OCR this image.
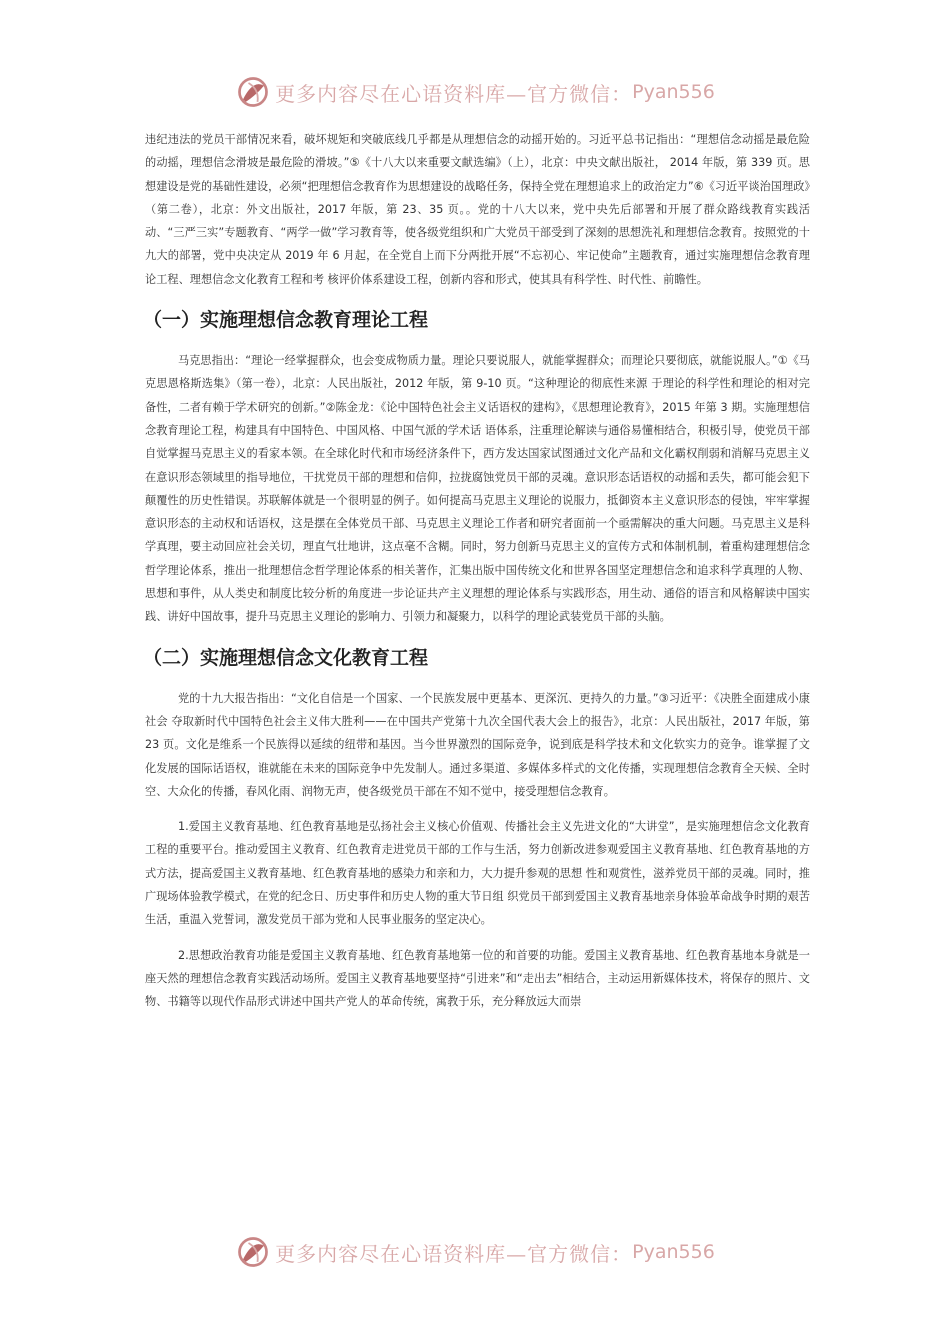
更多内容尽在心语资料库—官方微信： Pyan556

违纪违法的党员干部情况来看，破坏规矩和突破底线几乎都是从理想信念的动摇开始的。习近平总书记指出：“理想信念动摇是最危险的动摇，理想信念滑坡是最危险的滑坡。”⑤《十八大以来重要文献选编》（上），北京：中央文献出版社， 2014 年版，第 339 页。思想建设是党的基础性建设，必须“把理想信念教育作为思想建设的战略任务，保持全党在理想追求上的政治定力”⑥《习近平谈治国理政》（第二卷），北京：外文出版社，2017 年版，第 23、35 页。。党的十八大以来，党中央先后部署和开展了群众路线教育实践活动、“三严三实”专题教育、“两学一做”学习教育等，使各级党组织和广大党员干部受到了深刻的思想洗礼和理想信念教育。按照党的十九大的部署，党中央决定从 2019 年 6 月起，在全党自上而下分两批开展“不忘初心、牢记使命”主题教育，通过实施理想信念教育理论工程、理想信念文化教育工程和考 核评价体系建设工程，创新内容和形式，使其具有科学性、时代性、前瞻性。

（一）实施理想信念教育理论工程

马克思指出：“理论一经掌握群众，也会变成物质力量。理论只要说服人，就能掌握群众；而理论只要彻底，就能说服人。”①《马克思恩格斯选集》（第一卷），北京：人民出版社，2012 年版，第 9-10 页。“这种理论的彻底性来源 于理论的科学性和理论的相对完备性，二者有赖于学术研究的创新。”②陈金龙：《论中国特色社会主义话语权的建构》，《思想理论教育》，2015 年第 3 期。实施理想信念教育理论工程，构建具有中国特色、中国风格、中国气派的学术话 语体系，注重理论解读与通俗易懂相结合，积极引导，使党员干部自觉掌握马克思主义的看家本领。在全球化时代和市场经济条件下，西方发达国家试图通过文化产品和文化霸权削弱和消解马克思主义在意识形态领域里的指导地位，干扰党员干部的理想和信仰，拉拢腐蚀党员干部的灵魂。意识形态话语权的动摇和丢失，都可能会犯下颠覆性的历史性错误。苏联解体就是一个很明显的例子。如何提高马克思主义理论的说服力，抵御资本主义意识形态的侵蚀，牢牢掌握意识形态的主动权和话语权，这是摆在全体党员干部、马克思主义理论工作者和研究者面前一个亟需解决的重大问题。马克思主义是科学真理，要主动回应社会关切，理直气壮地讲，这点毫不含糊。同时，努力创新马克思主义的宣传方式和体制机制，着重构建理想信念哲学理论体系，推出一批理想信念哲学理论体系的相关著作，汇集出版中国传统文化和世界各国坚定理想信念和追求科学真理的人物、思想和事件，从人类史和制度比较分析的角度进一步论证共产主义理想的理论体系与实践形态，用生动、通俗的语言和风格解读中国实践、讲好中国故事，提升马克思主义理论的影响力、引领力和凝聚力，以科学的理论武装党员干部的头脑。

（二）实施理想信念文化教育工程

党的十九大报告指出：“文化自信是一个国家、一个民族发展中更基本、更深沉、更持久的力量。”③习近平：《决胜全面建成小康社会 夺取新时代中国特色社会主义伟大胜利——在中国共产党第十九次全国代表大会上的报告》，北京：人民出版社，2017 年版，第 23 页。文化是维系一个民族得以延续的纽带和基因。当今世界激烈的国际竞争，说到底是科学技术和文化软实力的竞争。谁掌握了文化发展的国际话语权，谁就能在未来的国际竞争中先发制人。通过多渠道、多媒体多样式的文化传播，实现理想信念教育全天候、全时空、大众化的传播，春风化雨、润物无声，使各级党员干部在不知不觉中，接受理想信念教育。

1.爱国主义教育基地、红色教育基地是弘扬社会主义核心价值观、传播社会主义先进文化的“大讲堂”，是实施理想信念文化教育工程的重要平台。推动爱国主义教育、红色教育走进党员干部的工作与生活，努力创新改进参观爱国主义教育基地、红色教育基地的方式方法，提高爱国主义教育基地、红色教育基地的感染力和亲和力，大力提升参观的思想 性和观赏性，滋养党员干部的灵魂。同时，推广现场体验教学模式，在党的纪念日、历史事件和历史人物的重大节日组 织党员干部到爱国主义教育基地亲身体验革命战争时期的艰苦生活，重温入党誓词，激发党员干部为党和人民事业服务的坚定决心。

2.思想政治教育功能是爱国主义教育基地、红色教育基地第一位的和首要的功能。爱国主义教育基地、红色教育基地本身就是一座天然的理想信念教育实践活动场所。爱国主义教育基地要坚持“引进来”和“走出去”相结合，主动运用新媒体技术，将保存的照片、文物、书籍等以现代作品形式讲述中国共产党人的革命传统，寓教于乐，充分释放远大而崇

更多内容尽在心语资料库—官方微信： Pyan556
